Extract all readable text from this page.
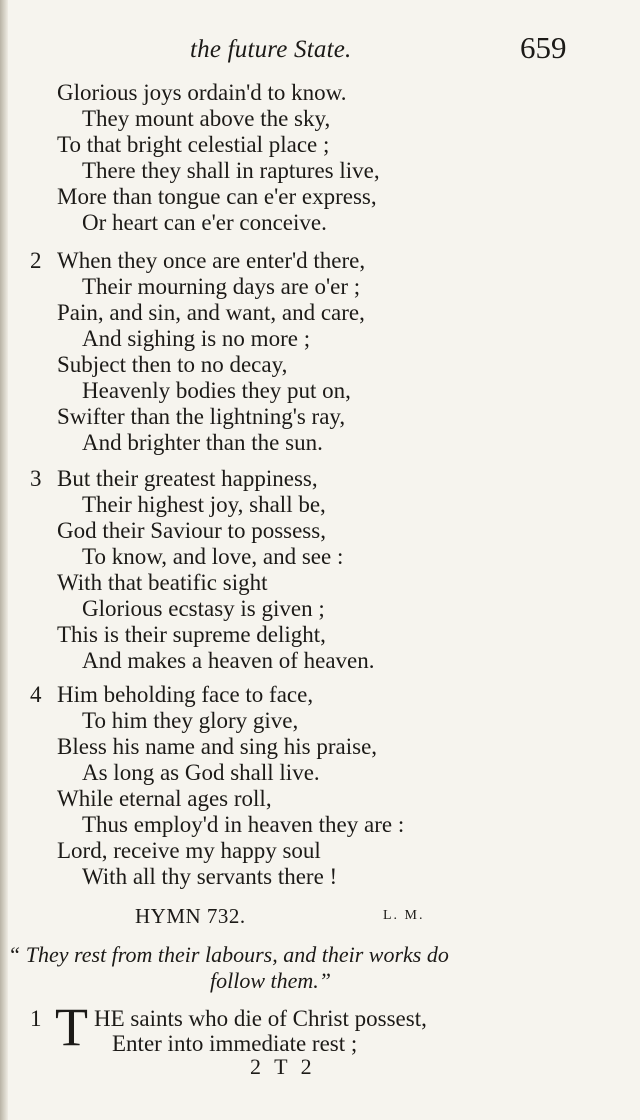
the future State.	659
Glorious joys ordain'd to know.
They mount above the sky,
To that bright celestial place ;
There they shall in raptures live,
More than tongue can e'er express,
Or heart can e'er conceive.
2 When they once are enter'd there,
Their mourning days are o'er ;
Pain, and sin, and want, and care,
And sighing is no more ;
Subject then to no decay,
Heavenly bodies they put on,
Swifter than the lightning's ray,
And brighter than the sun.
3 But their greatest happiness,
Their highest joy, shall be,
God their Saviour to possess,
To know, and love, and see :
With that beatific sight
Glorious ecstasy is given ;
This is their supreme delight,
And makes a heaven of heaven.
4 Him beholding face to face,
To him they glory give,
Bless his name and sing his praise,
As long as God shall live.
While eternal ages roll,
Thus employ'd in heaven they are :
Lord, receive my happy soul
With all thy servants there !
HYMN 732.	L. M.
“ They rest from their labours, and their works do
follow them.”
1 T HE saints who die of Christ possest,
Enter into immediate rest ;
2 T 2
